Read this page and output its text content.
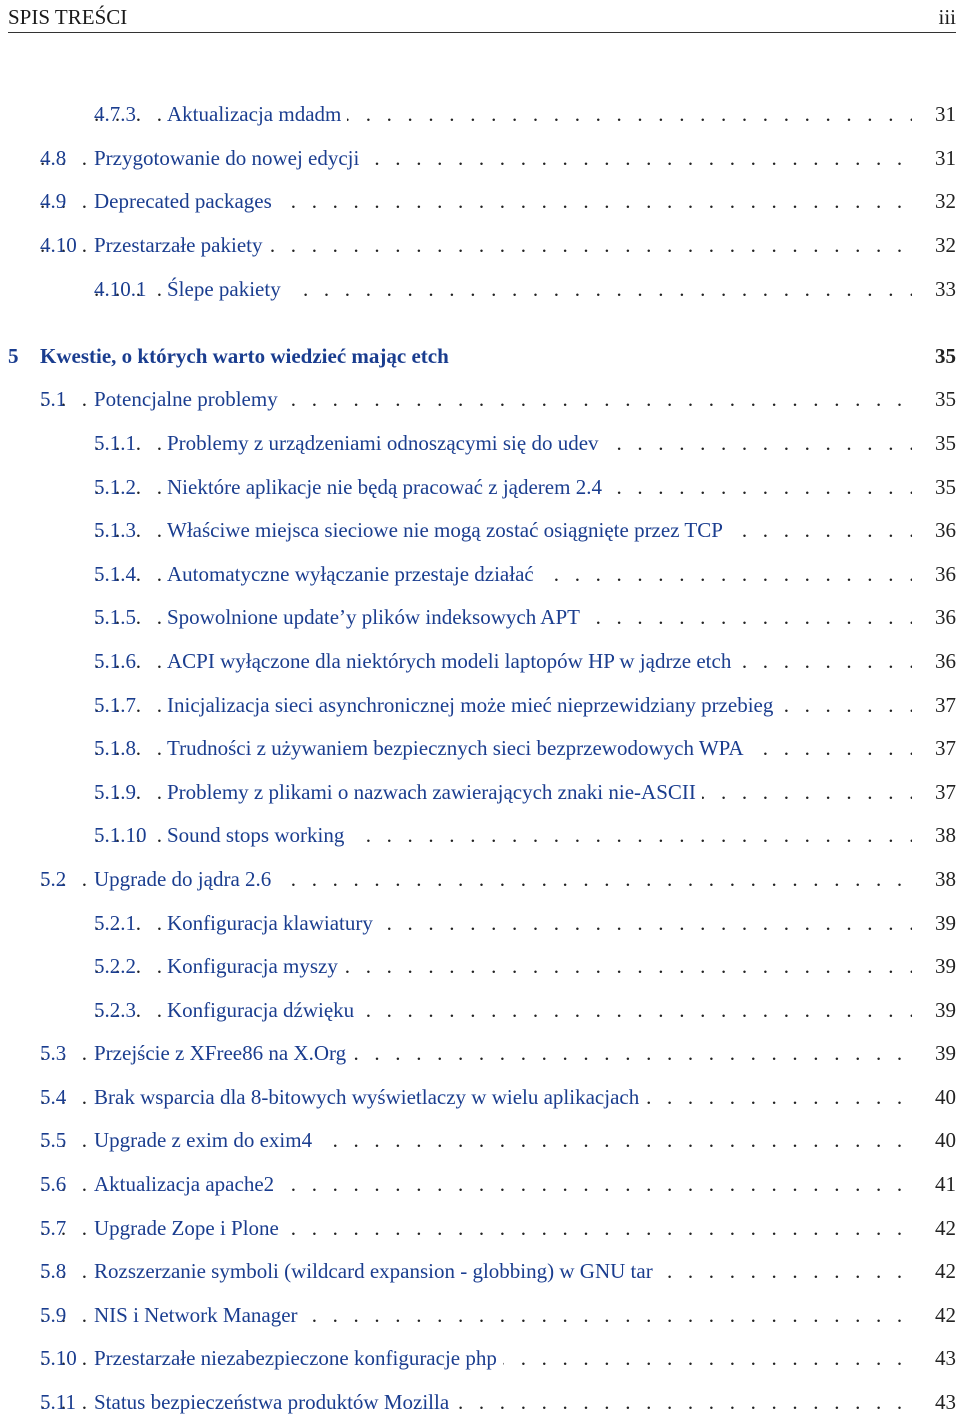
SPIS TREŚCI	iii
. . .
4.7.3 Aktualizacja mdadm	31
. . .
4.8 Przygotowanie do nowej edycji	31
. . .
4.9 Deprecated packages	32
. . .
4.10 Przestarzałe pakiety	32
. . .
4.10.1 Ślepe pakiety	33
5 Kwestie, o których warto wiedzieć mając etch	35
. . .
5.1 Potencjalne problemy	35
. . .
5.1.1 Problemy z urządzeniami odnoszącymi się do udev	35
. . .
5.1.2 Niektóre aplikacje nie będą pracować z jąderem 2.4	35
. . .
5.1.3 Właściwe miejsca sieciowe nie mogą zostać osiągnięte przez TCP	36
. . .
5.1.4 Automatyczne wyłączanie przestaje działać	36
. . .
5.1.5 Spowolnione update’y plików indeksowych APT	36
. . .
5.1.6 ACPI wyłączone dla niektórych modeli laptopów HP w jądrze etch	36
. . .
5.1.7 Inicjalizacja sieci asynchronicznej może mieć nieprzewidziany przebieg	37
. . .
5.1.8 Trudności z używaniem bezpiecznych sieci bezprzewodowych WPA	37
. . .
5.1.9 Problemy z plikami o nazwach zawierających znaki nie-ASCII	37
. . .
5.1.10 Sound stops working	38
. . .
5.2 Upgrade do jądra 2.6	38
. . .
5.2.1 Konfiguracja klawiatury	39
. . .
5.2.2 Konfiguracja myszy	39
. . .
5.2.3 Konfiguracja dźwięku	39
. . .
5.3 Przejście z XFree86 na X.Org	39
. . .
5.4 Brak wsparcia dla 8-bitowych wyświetlaczy w wielu aplikacjach	40
. . .
5.5 Upgrade z exim do exim4	40
. . .
5.6 Aktualizacja apache2	41
. . .
5.7 Upgrade Zope i Plone	42
. . .
5.8 Rozszerzanie symboli (wildcard expansion - globbing) w GNU tar	42
. . .
5.9 NIS i Network Manager	42
. . .
5.10 Przestarzałe niezabezpieczone konfiguracje php	43
. . .
5.11 Status bezpieczeństwa produktów Mozilla	43
